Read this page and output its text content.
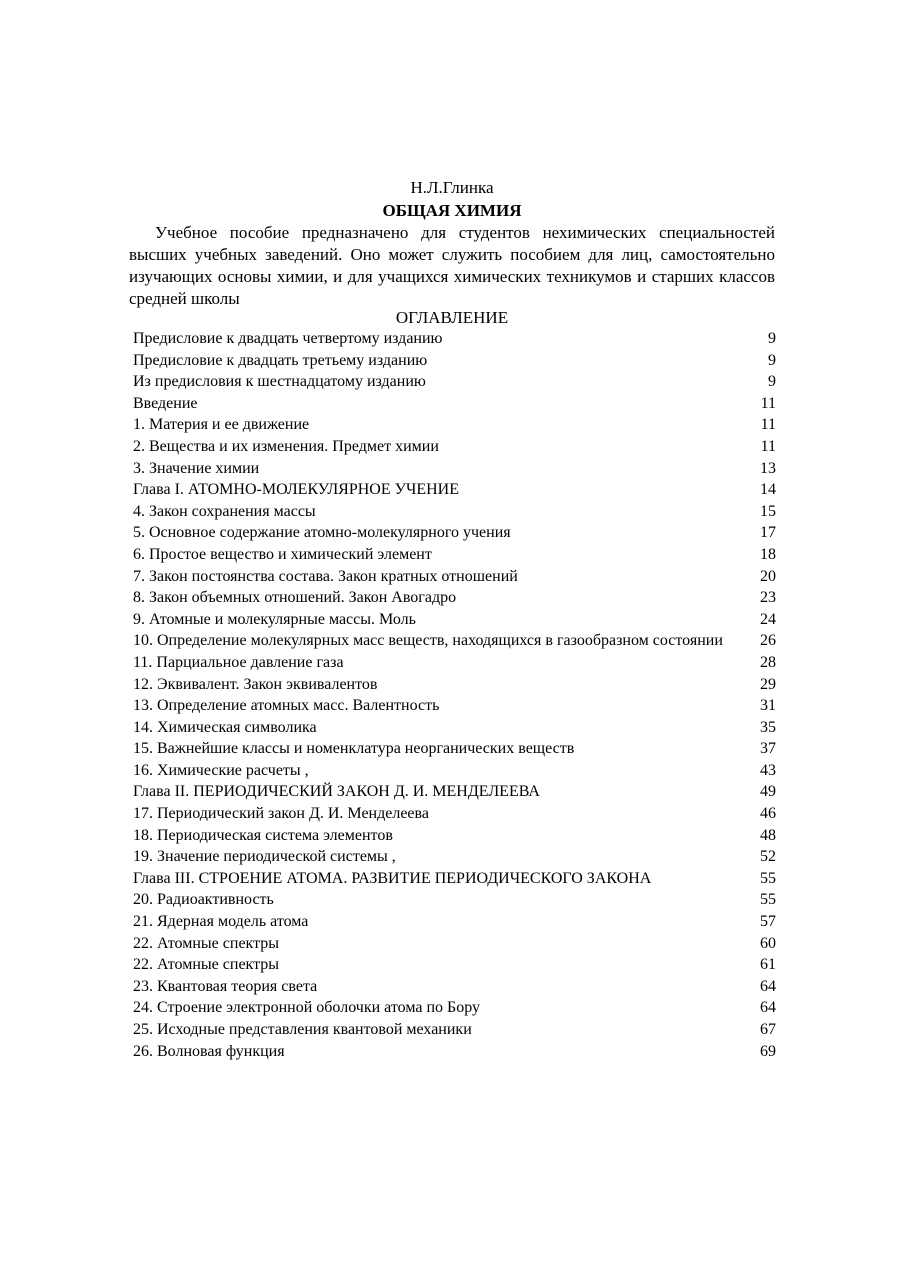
Н.Л.Глинка
ОБЩАЯ ХИМИЯ

Учебное пособие предназначено для студентов нехимических специальностей высших учебных заведений. Оно может служить пособием для лиц, самостоятельно изучающих основы химии, и для учащихся химических техникумов и старших классов средней школы

ОГЛАВЛЕНИЕ
Предисловие к двадцать четвертому изданию	9
Предисловие к двадцать третьему изданию	9
Из предисловия к шестнадцатому изданию	9
Введение	11
1. Материя и ее движение	11
2. Вещества и их изменения. Предмет химии	11
3. Значение химии	13
Глава I. АТОМНО-МОЛЕКУЛЯРНОЕ УЧЕНИЕ	14
4. Закон сохранения массы	15
5. Основное содержание атомно-молекулярного учения	17
6. Простое вещество и химический элемент	18
7. Закон постоянства состава. Закон кратных отношений	20
8. Закон объемных отношений. Закон Авогадро	23
9. Атомные и молекулярные массы. Моль	24
10. Определение молекулярных масс веществ, находящихся в газообразном состоянии	26
11. Парциальное давление газа	28
12. Эквивалент. Закон эквивалентов	29
13. Определение атомных масс. Валентность	31
14. Химическая символика	35
15. Важнейшие классы и номенклатура неорганических веществ	37
16. Химические расчеты ,	43
Глава II. ПЕРИОДИЧЕСКИЙ ЗАКОН Д. И. МЕНДЕЛЕЕВА	49
17. Периодический закон Д. И. Менделеева	46
18. Периодическая система элементов	48
19. Значение периодической системы ,	52
Глава III. СТРОЕНИЕ АТОМА. РАЗВИТИЕ ПЕРИОДИЧЕСКОГО ЗАКОНА	55
20. Радиоактивность	55
21. Ядерная модель атома	57
22. Атомные спектры	60
22. Атомные спектры	61
23. Квантовая теория света	64
24. Строение электронной оболочки атома по Бору	64
25. Исходные представления квантовой механики	67
26. Волновая функция	69
